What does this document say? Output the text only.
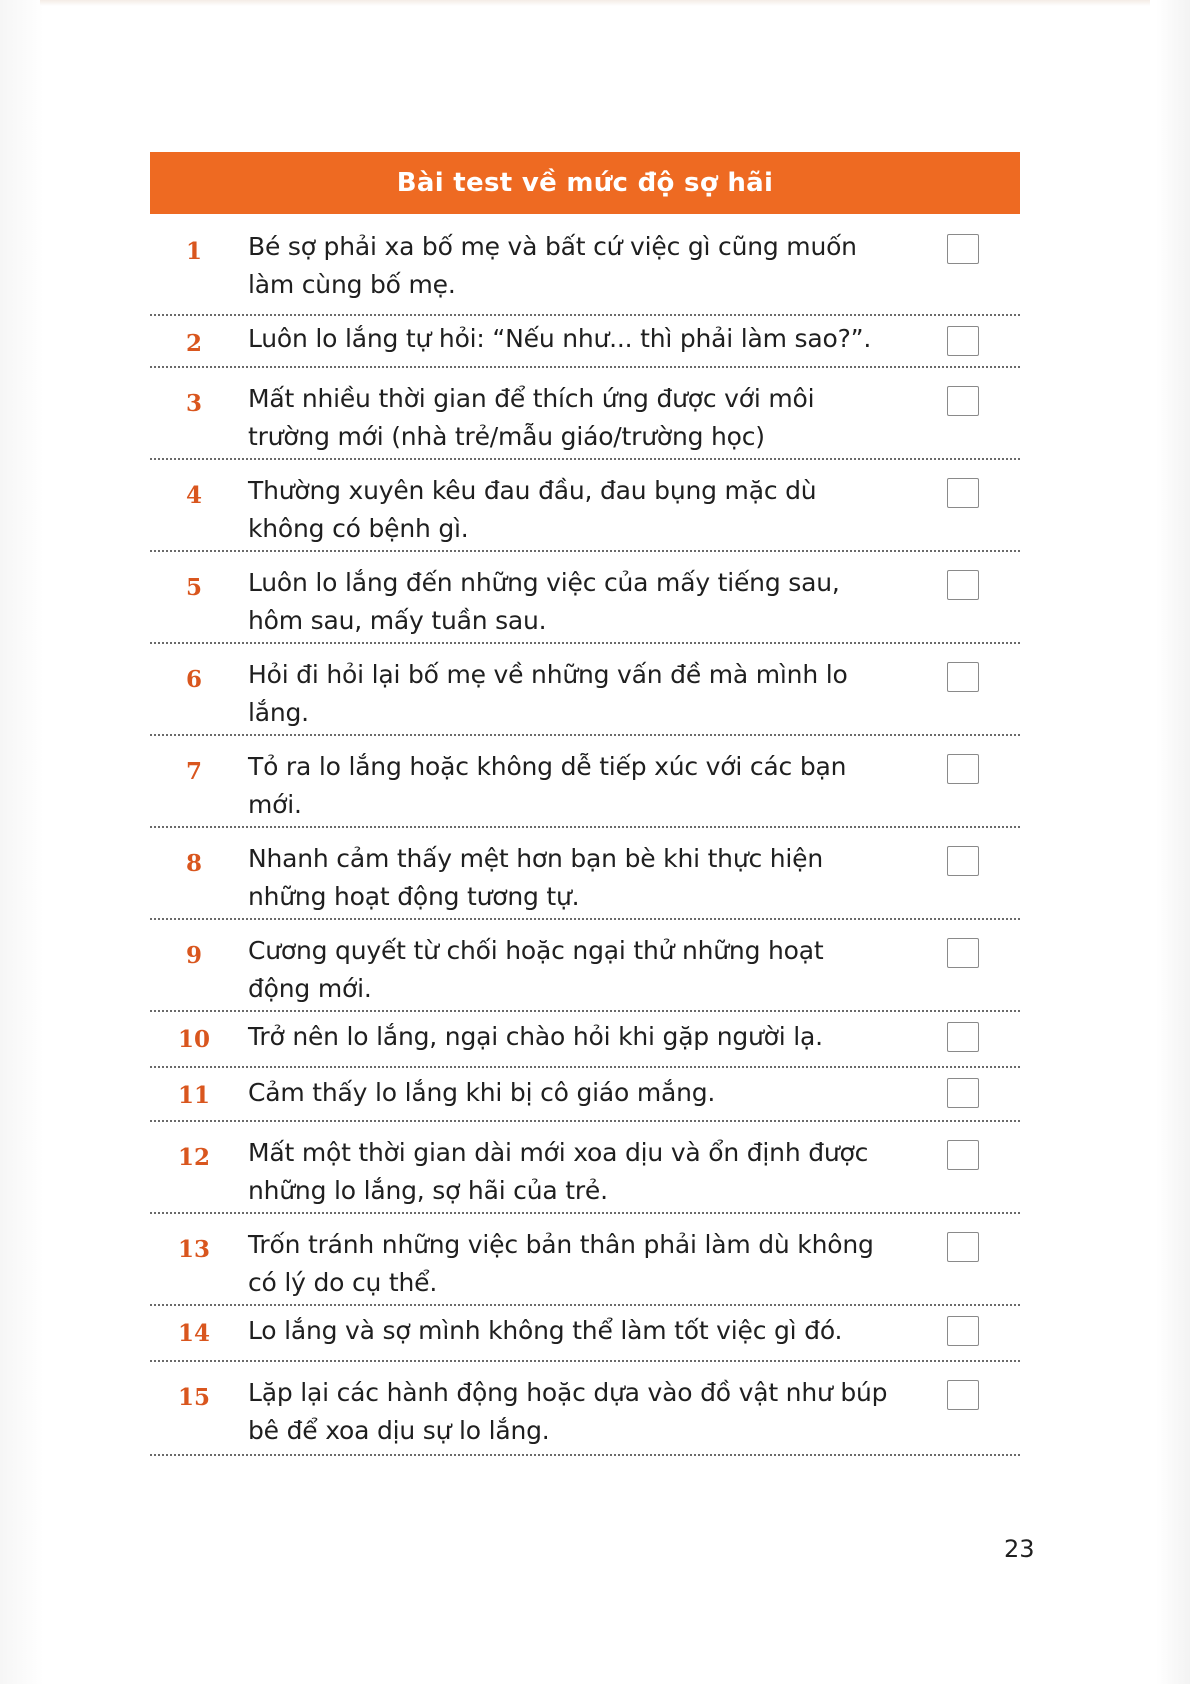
Bài test về mức độ sợ hãi
1	Bé sợ phải xa bố mẹ và bất cứ việc gì cũng muốn làm cùng bố mẹ.
2	Luôn lo lắng tự hỏi: “Nếu như... thì phải làm sao?”.
3	Mất nhiều thời gian để thích ứng được với môi trường mới (nhà trẻ/mẫu giáo/trường học)
4	Thường xuyên kêu đau đầu, đau bụng mặc dù không có bệnh gì.
5	Luôn lo lắng đến những việc của mấy tiếng sau, hôm sau, mấy tuần sau.
6	Hỏi đi hỏi lại bố mẹ về những vấn đề mà mình lo lắng.
7	Tỏ ra lo lắng hoặc không dễ tiếp xúc với các bạn mới.
8	Nhanh cảm thấy mệt hơn bạn bè khi thực hiện những hoạt động tương tự.
9	Cương quyết từ chối hoặc ngại thử những hoạt động mới.
10	Trở nên lo lắng, ngại chào hỏi khi gặp người lạ.
11	Cảm thấy lo lắng khi bị cô giáo mắng.
12	Mất một thời gian dài mới xoa dịu và ổn định được những lo lắng, sợ hãi của trẻ.
13	Trốn tránh những việc bản thân phải làm dù không có lý do cụ thể.
14	Lo lắng và sợ mình không thể làm tốt việc gì đó.
15	Lặp lại các hành động hoặc dựa vào đồ vật như búp bê để xoa dịu sự lo lắng.
23
